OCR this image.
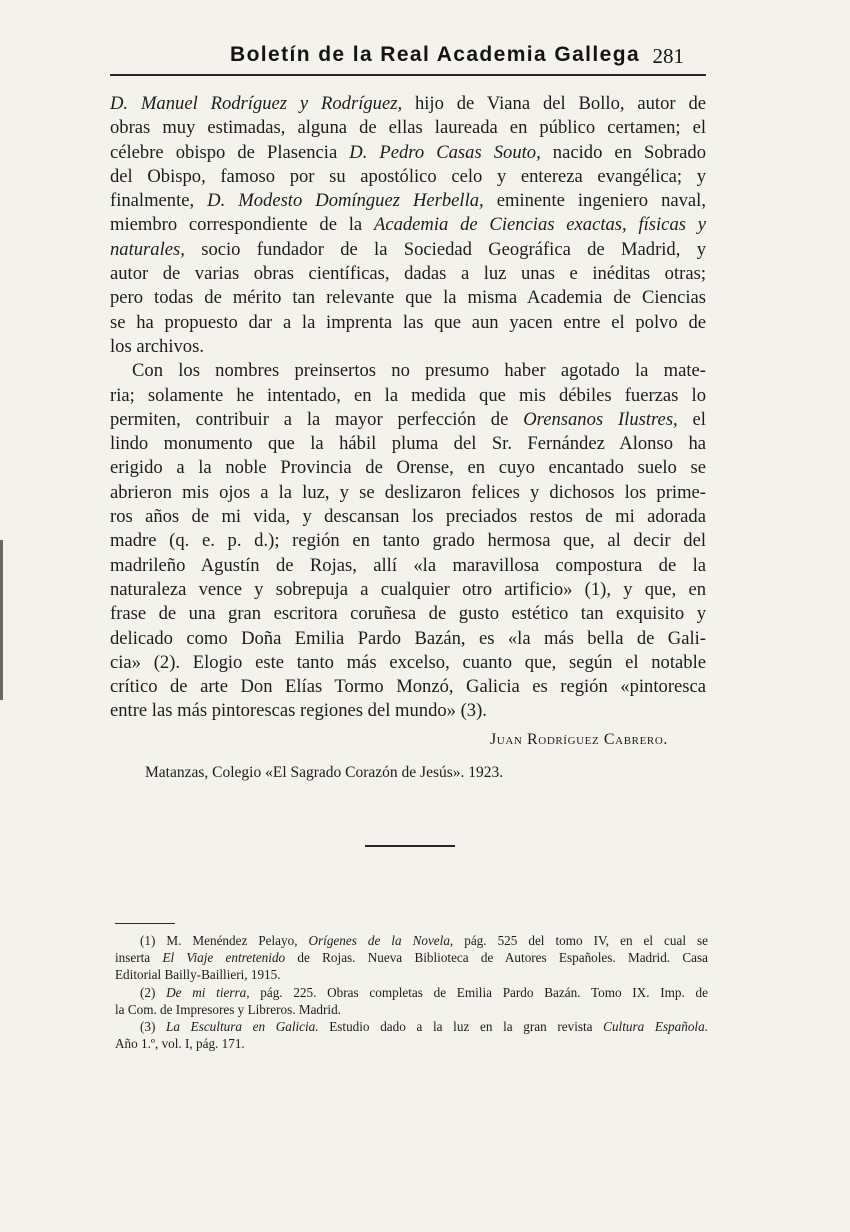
Boletín de la Real Academia Gallega 281
D. Manuel Rodríguez y Rodríguez, hijo de Viana del Bollo, autor de
obras muy estimadas, alguna de ellas laureada en público certamen; el
célebre obispo de Plasencia D. Pedro Casas Souto, nacido en Sobrado
del Obispo, famoso por su apostólico celo y entereza evangélica; y
finalmente, D. Modesto Domínguez Herbella, eminente ingeniero naval,
miembro correspondiente de la Academia de Ciencias exactas, físicas y
naturales, socio fundador de la Sociedad Geográfica de Madrid, y
autor de varias obras científicas, dadas a luz unas e inéditas otras;
pero todas de mérito tan relevante que la misma Academia de Ciencias
se ha propuesto dar a la imprenta las que aun yacen entre el polvo de
los archivos.
Con los nombres preinsertos no presumo haber agotado la mate-
ria; solamente he intentado, en la medida que mis débiles fuerzas lo
permiten, contribuir a la mayor perfección de Orensanos Ilustres, el
lindo monumento que la hábil pluma del Sr. Fernández Alonso ha
erigido a la noble Provincia de Orense, en cuyo encantado suelo se
abrieron mis ojos a la luz, y se deslizaron felices y dichosos los prime-
ros años de mi vida, y descansan los preciados restos de mi adorada
madre (q. e. p. d.); región en tanto grado hermosa que, al decir del
madrileño Agustín de Rojas, allí «la maravillosa compostura de la
naturaleza vence y sobrepuja a cualquier otro artificio» (1), y que, en
frase de una gran escritora coruñesa de gusto estético tan exquisito y
delicado como Doña Emilia Pardo Bazán, es «la más bella de Gali-
cia» (2). Elogio este tanto más excelso, cuanto que, según el notable
crítico de arte Don Elías Tormo Monzó, Galicia es región «pintoresca
entre las más pintorescas regiones del mundo» (3).
Juan Rodríguez Cabrero.
Matanzas, Colegio «El Sagrado Corazón de Jesús». 1923.
(1) M. Menéndez Pelayo, Orígenes de la Novela, pág. 525 del tomo IV, en el cual se
inserta El Viaje entretenido de Rojas. Nueva Biblioteca de Autores Españoles. Madrid. Casa
Editorial Bailly-Baillieri, 1915.
(2) De mi tierra, pág. 225. Obras completas de Emilia Pardo Bazán. Tomo IX. Imp. de
la Com. de Impresores y Libreros. Madrid.
(3) La Escultura en Galicia. Estudio dado a la luz en la gran revista Cultura Española.
Año 1.º, vol. I, pág. 171.
